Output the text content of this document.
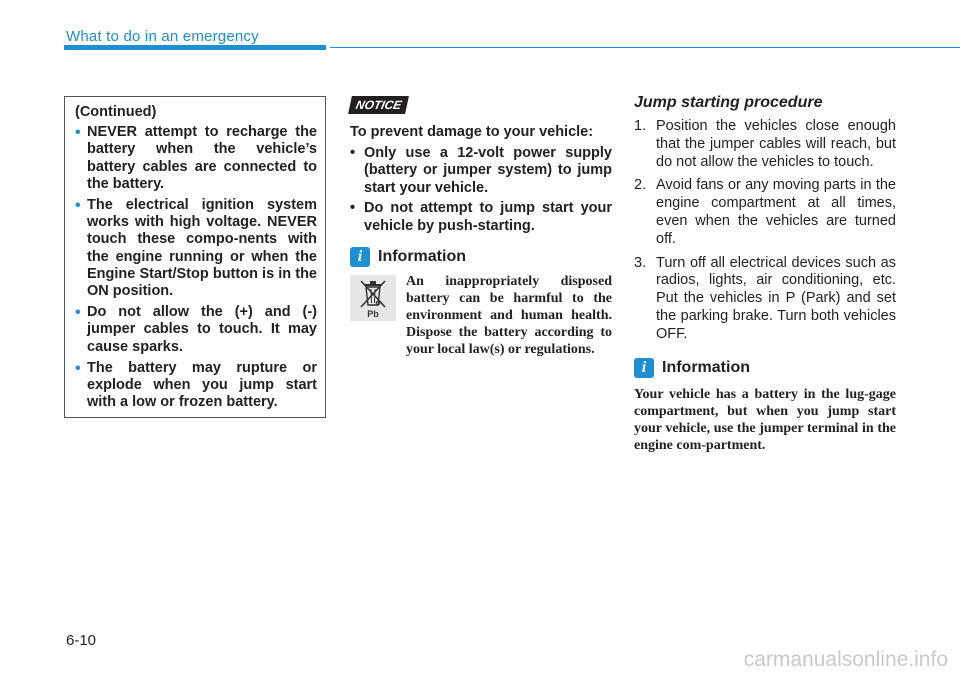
What to do in an emergency
(Continued)
• NEVER attempt to recharge the battery when the vehicle’s battery cables are connected to the battery.
• The electrical ignition system works with high voltage. NEVER touch these compo-nents with the engine running or when the Engine Start/Stop button is in the ON position.
• Do not allow the (+) and (-) jumper cables to touch. It may cause sparks.
• The battery may rupture or explode when you jump start with a low or frozen battery.
NOTICE
To prevent damage to your vehicle:
• Only use a 12-volt power supply (battery or jumper system) to jump start your vehicle.
• Do not attempt to jump start your vehicle by push-starting.
i Information
Pb
An inappropriately disposed battery can be harmful to the environment and human health. Dispose the battery according to your local law(s) or regulations.
Jump starting procedure
1. Position the vehicles close enough that the jumper cables will reach, but do not allow the vehicles to touch.
2. Avoid fans or any moving parts in the engine compartment at all times, even when the vehicles are turned off.
3. Turn off all electrical devices such as radios, lights, air conditioning, etc. Put the vehicles in P (Park) and set the parking brake. Turn both vehicles OFF.
i Information
Your vehicle has a battery in the lug-gage compartment, but when you jump start your vehicle, use the jumper terminal in the engine com-partment.
6-10
carmanualsonline.info
